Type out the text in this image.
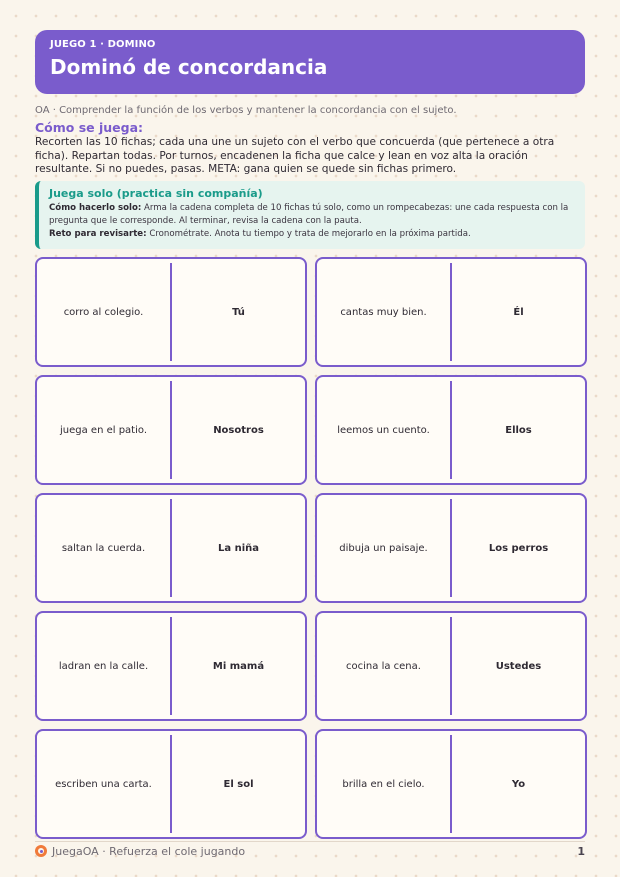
JUEGO 1 · DOMINO
Dominó de concordancia
OA · Comprender la función de los verbos y mantener la concordancia con el sujeto.
Cómo se juega:

Recorten las 10 fichas; cada una une un sujeto con el verbo que concuerda (que pertenece a otra ficha). Repartan todas. Por turnos, encadenen la ficha que calce y lean en voz alta la oración resultante. Si no puedes, pasas. META: gana quien se quede sin fichas primero.

Juega solo (practica sin compañía)
Cómo hacerlo solo: Arma la cadena completa de 10 fichas tú solo, como un rompecabezas: une cada respuesta con la pregunta que le corresponde. Al terminar, revisa la cadena con la pauta.
Reto para revisarte: Cronométrate. Anota tu tiempo y trata de mejorarlo en la próxima partida.
corro al colegio.	Tú	cantas muy bien.	Él
juega en el patio.	Nosotros	leemos un cuento.	Ellos
saltan la cuerda.	La niña	dibuja un paisaje.	Los perros
ladran en la calle.	Mi mamá	cocina la cena.	Ustedes
escriben una carta.	El sol	brilla en el cielo.	Yo
JuegaOA · Refuerza el cole jugando	1
